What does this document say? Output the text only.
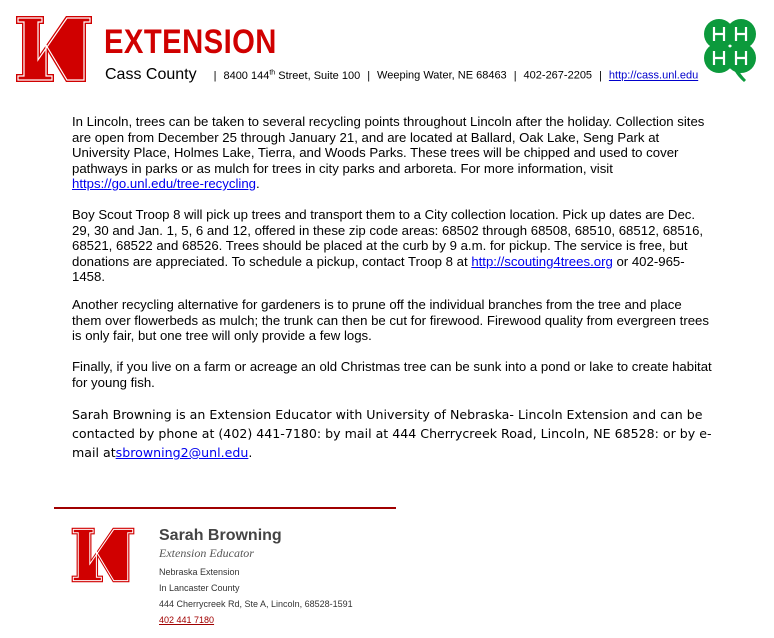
EXTENSION
Cass County | 8400 144th Street, Suite 100 | Weeping Water, NE 68463 | 402-267-2205 | http://cass.unl.edu
In Lincoln, trees can be taken to several recycling points throughout Lincoln after the holiday. Collection sites are open from December 25 through January 21, and are located at Ballard, Oak Lake, Seng Park at University Place, Holmes Lake, Tierra, and Woods Parks. These trees will be chipped and used to cover pathways in parks or as mulch for trees in city parks and arboreta. For more information, visit https://go.unl.edu/tree-recycling.
Boy Scout Troop 8 will pick up trees and transport them to a City collection location. Pick up dates are Dec. 29, 30 and Jan. 1, 5, 6 and 12, offered in these zip code areas: 68502 through 68508, 68510, 68512, 68516, 68521, 68522 and 68526. Trees should be placed at the curb by 9 a.m. for pickup. The service is free, but donations are appreciated. To schedule a pickup, contact Troop 8 at http://scouting4trees.org or 402-965-1458.
Another recycling alternative for gardeners is to prune off the individual branches from the tree and place them over flowerbeds as mulch; the trunk can then be cut for firewood. Firewood quality from evergreen trees is only fair, but one tree will only provide a few logs.
Finally, if you live on a farm or acreage an old Christmas tree can be sunk into a pond or lake to create habitat for young fish.
Sarah Browning is an Extension Educator with University of Nebraska- Lincoln Extension and can be contacted by phone at (402) 441-7180: by mail at 444 Cherrycreek Road, Lincoln, NE 68528: or by e-mail atsbrowning2@unl.edu.
Sarah Browning
Extension Educator
Nebraska Extension
In Lancaster County
444 Cherrycreek Rd, Ste A, Lincoln, 68528-1591
402 441 7180
